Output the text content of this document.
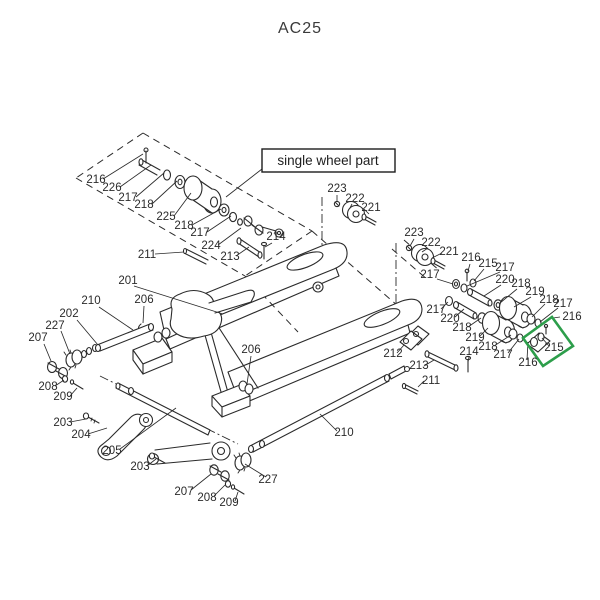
AC25
single wheel part
216
226
217
218
225
218
217
224
213
214
211
201
206
223
222
221
223
222
221 216
215
217
217	220
218
219
218
217
216
217
220
218
219
218
217
215
216
214
213
212
211
210
202
227
207
208
209
203
204
205
203
207 208 209
227
210
206
